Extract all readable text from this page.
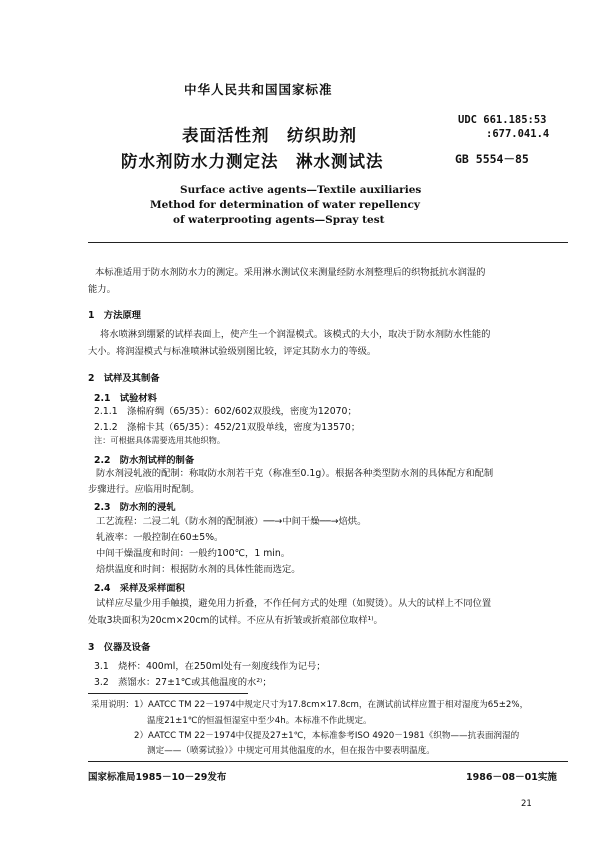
中华人民共和国国家标准
表面活性剂　纺织助剂
防水剂防水力测定法　淋水测试法
UDC 661.185:53
:677.041.4
GB 5554－85
Surface active agents—Textile auxiliaries
Method for determination of water repellency
of waterprooting agents—Spray test
本标准适用于防水剂防水力的测定。采用淋水测试仪来测量经防水剂整理后的织物抵抗水润湿的
能力。
1　方法原理
将水喷淋到绷紧的试样表面上，使产生一个润湿模式。该模式的大小，取决于防水剂防水性能的
大小。将润湿模式与标准喷淋试验级别图比较，评定其防水力的等级。
2　试样及其制备
2.1　试验材料
2.1.1　涤棉府绸（65/35）：602/602双股线，密度为12070；
2.1.2　涤棉卡其（65/35）：452/21双股单线，密度为13570；
注：可根据具体需要选用其他织物。
2.2　防水剂试样的制备
防水剂浸轧液的配制：称取防水剂若干克（称准至0.1g）。根据各种类型防水剂的具体配方和配制
步骤进行。应临用时配制。
2.3　防水剂的浸轧
工艺流程：二浸二轧（防水剂的配制液）──→中间干燥──→焙烘。
轧液率：一般控制在60±5%。
中间干燥温度和时间：一般约100℃，1 min。
焙烘温度和时间：根据防水剂的具体性能而选定。
2.4　采样及采样面积
试样应尽量少用手触摸，避免用力折叠，不作任何方式的处理（如熨烫）。从大的试样上不同位置
处取3块面积为20cm×20cm的试样。不应从有折皱或折痕部位取样¹⁾。
3　仪器及设备
3.1　烧杯：400ml，在250ml处有一刻度线作为记号；
3.2　蒸馏水：27±1℃或其他温度的水²⁾；
采用说明： 1）AATCC TM 22－1974中规定尺寸为17.8cm×17.8cm，在测试前试样应置于相对湿度为65±2%，
温度21±1℃的恒温恒湿室中至少4h。本标准不作此规定。
2）AATCC TM 22－1974中仅提及27±1℃，本标准参考ISO 4920－1981《织物——抗表面润湿的
测定——（喷雾试验）》中规定可用其他温度的水，但在报告中要表明温度。
国家标准局1985－10－29发布	1986－08－01实施
21
